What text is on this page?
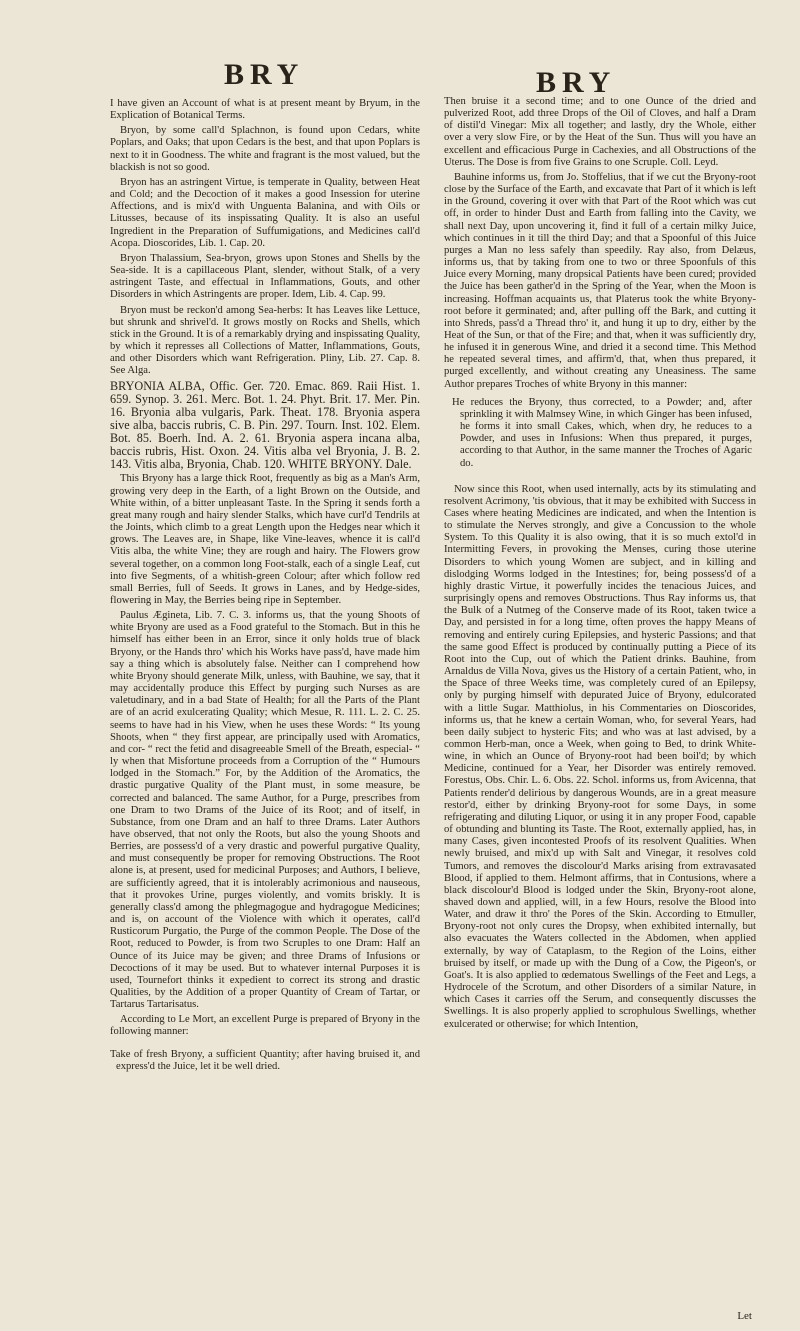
BRY	BRY

I have given an Account of what is at present meant by Bryum, in the Explication of Botanical Terms.

Bryon, by some call'd Splachnon, is found upon Cedars, white Poplars, and Oaks; that upon Cedars is the best, and that upon Poplars is next to it in Goodness. The white and fragrant is the most valued, but the blackish is not so good.

Bryon has an astringent Virtue, is temperate in Quality, between Heat and Cold; and the Decoction of it makes a good Insession for uterine Affections, and is mix'd with Unguenta Balanina, and with Oils or Litusses, because of its inspissating Quality. It is also an useful Ingredient in the Preparation of Suffumigations, and Medicines call'd Acopa. Dioscorides, Lib. 1. Cap. 20.

Bryon Thalassium, Sea-bryon, grows upon Stones and Shells by the Sea-side. It is a capillaceous Plant, slender, without Stalk, of a very astringent Taste, and effectual in Inflammations, Gouts, and other Disorders in which Astringents are proper. Idem, Lib. 4. Cap. 99.

Bryon must be reckon'd among Sea-herbs: It has Leaves like Lettuce, but shrunk and shrivel'd. It grows mostly on Rocks and Shells, which stick in the Ground. It is of a remarkably drying and inspissating Quality, by which it represses all Collections of Matter, Inflammations, Gouts, and other Disorders which want Refrigeration. Pliny, Lib. 27. Cap. 8. See Alga.

BRYONIA ALBA, Offic. Ger. 720. Emac. 869. Raii Hist. 1. 659. Synop. 3. 261. Merc. Bot. 1. 24. Phyt. Brit. 17. Mer. Pin. 16. Bryonia alba vulgaris, Park. Theat. 178. Bryonia aspera sive alba, baccis rubris, C. B. Pin. 297. Tourn. Inst. 102. Elem. Bot. 85. Boerh. Ind. A. 2. 61. Bryonia aspera incana alba, baccis rubris, Hist. Oxon. 24. Vitis alba vel Bryonia, J. B. 2. 143. Vitis alba, Bryonia, Chab. 120. WHITE BRYONY. Dale.

This Bryony has a large thick Root, frequently as big as a Man's Arm, growing very deep in the Earth, of a light Brown on the Outside, and White within, of a bitter unpleasant Taste. In the Spring it sends forth a great many rough and hairy slender Stalks, which have curl'd Tendrils at the Joints, which climb to a great Length upon the Hedges near which it grows. The Leaves are, in Shape, like Vine-leaves, whence it is call'd Vitis alba, the white Vine; they are rough and hairy. The Flowers grow several together, on a common long Foot-stalk, each of a single Leaf, cut into five Segments, of a whitish-green Colour; after which follow red small Berries, full of Seeds. It grows in Lanes, and by Hedge-sides, flowering in May, the Berries being ripe in September.

Paulus Ægineta, Lib. 7. C. 3. informs us, that the young Shoots of white Bryony are used as a Food grateful to the Stomach. But in this he himself has either been in an Error, since it only holds true of black Bryony, or the Hands thro' which his Works have pass'd, have made him say a thing which is absolutely false. Neither can I comprehend how white Bryony should generate Milk, unless, with Bauhine, we say, that it may accidentally produce this Effect by purging such Nurses as are valetudinary, and in a bad State of Health; for all the Parts of the Plant are of an acrid exulcerating Quality; which Mesue, R. 111. L. 2. C. 25. seems to have had in his View, when he uses these Words: “ Its young Shoots, when “ they first appear, are principally used with Aromatics, and cor- “ rect the fetid and disagreeable Smell of the Breath, especial- “ ly when that Misfortune proceeds from a Corruption of the “ Humours lodged in the Stomach.” For, by the Addition of the Aromatics, the drastic purgative Quality of the Plant must, in some measure, be corrected and balanced. The same Author, for a Purge, prescribes from one Dram to two Drams of the Juice of its Root; and of itself, in Substance, from one Dram and an half to three Drams. Later Authors have observed, that not only the Roots, but also the young Shoots and Berries, are possess'd of a very drastic and powerful purgative Quality, and must consequently be proper for removing Obstructions. The Root alone is, at present, used for medicinal Purposes; and Authors, I believe, are sufficiently agreed, that it is intolerably acrimonious and nauseous, that it provokes Urine, purges violently, and vomits briskly. It is generally class'd among the phlegmagogue and hydragogue Medicines; and is, on account of the Violence with which it operates, call'd Rusticorum Purgatio, the Purge of the common People. The Dose of the Root, reduced to Powder, is from two Scruples to one Dram: Half an Ounce of its Juice may be given; and three Drams of Infusions or Decoctions of it may be used. But to whatever internal Purposes it is used, Tournefort thinks it expedient to correct its strong and drastic Qualities, by the Addition of a proper Quantity of Cream of Tartar, or Tartarus Tartarisatus.

According to Le Mort, an excellent Purge is prepared of Bryony in the following manner:

Take of fresh Bryony, a sufficient Quantity; after having bruised it, and express'd the Juice, let it be well dried.

Then bruise it a second time; and to one Ounce of the dried and pulverized Root, add three Drops of the Oil of Cloves, and half a Dram of distil'd Vinegar: Mix all together; and lastly, dry the Whole, either over a very slow Fire, or by the Heat of the Sun. Thus will you have an excellent and efficacious Purge in Cachexies, and all Obstructions of the Uterus. The Dose is from five Grains to one Scruple. Coll. Leyd.

Bauhine informs us, from Jo. Stoffelius, that if we cut the Bryony-root close by the Surface of the Earth, and excavate that Part of it which is left in the Ground, covering it over with that Part of the Root which was cut off, in order to hinder Dust and Earth from falling into the Cavity, we shall next Day, upon uncovering it, find it full of a certain milky Juice, which continues in it till the third Day; and that a Spoonful of this Juice purges a Man no less safely than speedily. Ray also, from Delæus, informs us, that by taking from one to two or three Spoonfuls of this Juice every Morning, many dropsical Patients have been cured; provided the Juice has been gather'd in the Spring of the Year, when the Moon is increasing. Hoffman acquaints us, that Platerus took the white Bryony-root before it germinated; and, after pulling off the Bark, and cutting it into Shreds, pass'd a Thread thro' it, and hung it up to dry, either by the Heat of the Sun, or that of the Fire; and that, when it was sufficiently dry, he infused it in generous Wine, and dried it a second time. This Method he repeated several times, and affirm'd, that, when thus prepared, it purged excellently, and without creating any Uneasiness. The same Author prepares Troches of white Bryony in this manner:

He reduces the Bryony, thus corrected, to a Powder; and, after sprinkling it with Malmsey Wine, in which Ginger has been infused, he forms it into small Cakes, which, when dry, he reduces to a Powder, and uses in Infusions: When thus prepared, it purges, according to that Author, in the same manner the Troches of Agaric do.

Now since this Root, when used internally, acts by its stimulating and resolvent Acrimony, 'tis obvious, that it may be exhibited with Success in Cases where heating Medicines are indicated, and when the Intention is to stimulate the Nerves strongly, and give a Concussion to the whole System. To this Quality it is also owing, that it is so much extol'd in Intermitting Fevers, in provoking the Menses, curing those uterine Disorders to which young Women are subject, and in killing and dislodging Worms lodged in the Intestines; for, being possess'd of a highly drastic Virtue, it powerfully incides the tenacious Juices, and surprisingly opens and removes Obstructions. Thus Ray informs us, that the Bulk of a Nutmeg of the Conserve made of its Root, taken twice a Day, and persisted in for a long time, often proves the happy Means of removing and entirely curing Epilepsies, and hysteric Passions; and that the same good Effect is produced by continually putting a Piece of its Root into the Cup, out of which the Patient drinks. Bauhine, from Arnaldus de Villa Nova, gives us the History of a certain Patient, who, in the Space of three Weeks time, was completely cured of an Epilepsy, only by purging himself with depurated Juice of Bryony, edulcorated with a little Sugar. Matthiolus, in his Commentaries on Dioscorides, informs us, that he knew a certain Woman, who, for several Years, had been daily subject to hysteric Fits; and who was at last advised, by a common Herb-man, once a Week, when going to Bed, to drink White-wine, in which an Ounce of Bryony-root had been boil'd; by which Medicine, continued for a Year, her Disorder was entirely removed. Forestus, Obs. Chir. L. 6. Obs. 22. Schol. informs us, from Avicenna, that Patients render'd delirious by dangerous Wounds, are in a great measure restor'd, either by drinking Bryony-root for some Days, in some refrigerating and diluting Liquor, or using it in any proper Food, capable of obtunding and blunting its Taste. The Root, externally applied, has, in many Cases, given incontested Proofs of its resolvent Qualities. When newly bruised, and mix'd up with Salt and Vinegar, it resolves cold Tumors, and removes the discolour'd Marks arising from extravasated Blood, if applied to them. Helmont affirms, that in Contusions, where a black discolour'd Blood is lodged under the Skin, Bryony-root alone, shaved down and applied, will, in a few Hours, resolve the Blood into Water, and draw it thro' the Pores of the Skin. According to Etmuller, Bryony-root not only cures the Dropsy, when exhibited internally, but also evacuates the Waters collected in the Abdomen, when applied externally, by way of Cataplasm, to the Region of the Loins, either bruised by itself, or made up with the Dung of a Cow, the Pigeon's, or Goat's. It is also applied to œdematous Swellings of the Feet and Legs, a Hydrocele of the Scrotum, and other Disorders of a similar Nature, in which Cases it carries off the Serum, and consequently discusses the Swellings. It is also properly applied to scrophulous Swellings, whether exulcerated or otherwise; for which Intention,

Let
